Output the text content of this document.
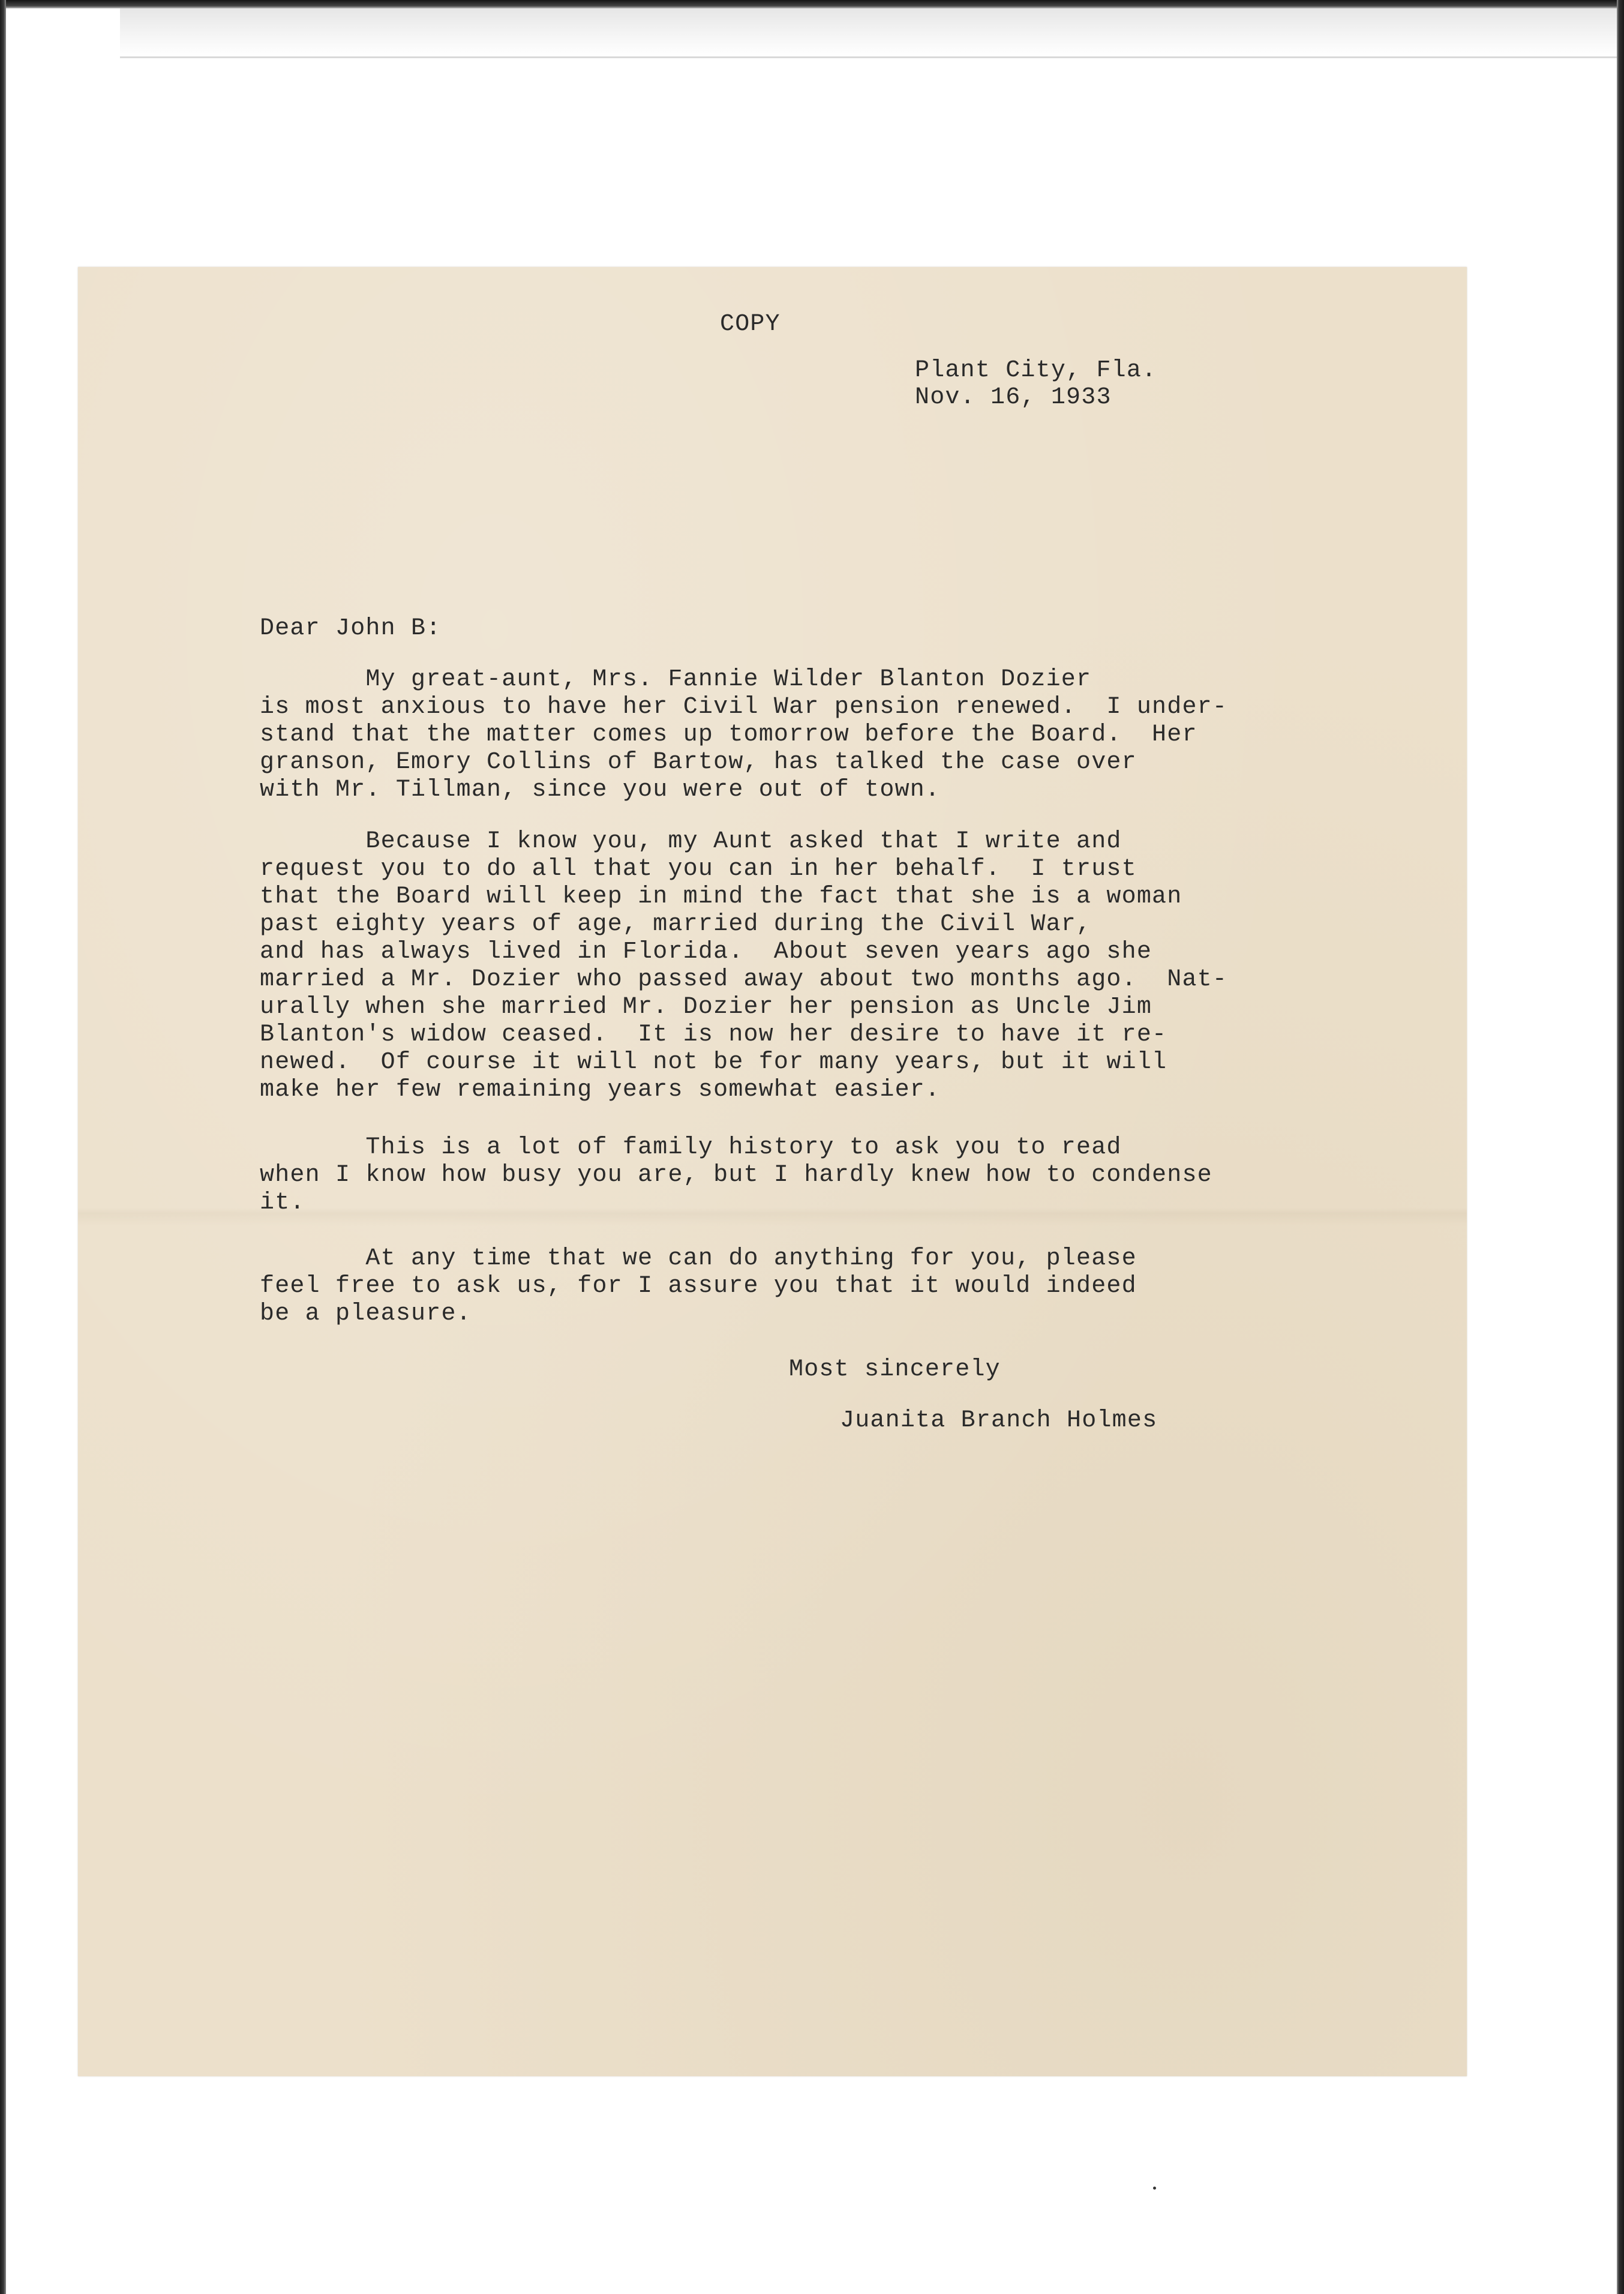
COPY
Plant City, Fla.
Nov. 16, 1933
Dear John B:
My great-aunt, Mrs. Fannie Wilder Blanton Dozier
is most anxious to have her Civil War pension renewed.  I under-
stand that the matter comes up tomorrow before the Board.  Her
granson, Emory Collins of Bartow, has talked the case over
with Mr. Tillman, since you were out of town.
Because I know you, my Aunt asked that I write and
request you to do all that you can in her behalf.  I trust
that the Board will keep in mind the fact that she is a woman
past eighty years of age, married during the Civil War,
and has always lived in Florida.  About seven years ago she
married a Mr. Dozier who passed away about two months ago.  Nat-
urally when she married Mr. Dozier her pension as Uncle Jim
Blanton's widow ceased.  It is now her desire to have it re-
newed.  Of course it will not be for many years, but it will
make her few remaining years somewhat easier.
This is a lot of family history to ask you to read
when I know how busy you are, but I hardly knew how to condense
it.
At any time that we can do anything for you, please
feel free to ask us, for I assure you that it would indeed
be a pleasure.
Most sincerely
Juanita Branch Holmes
